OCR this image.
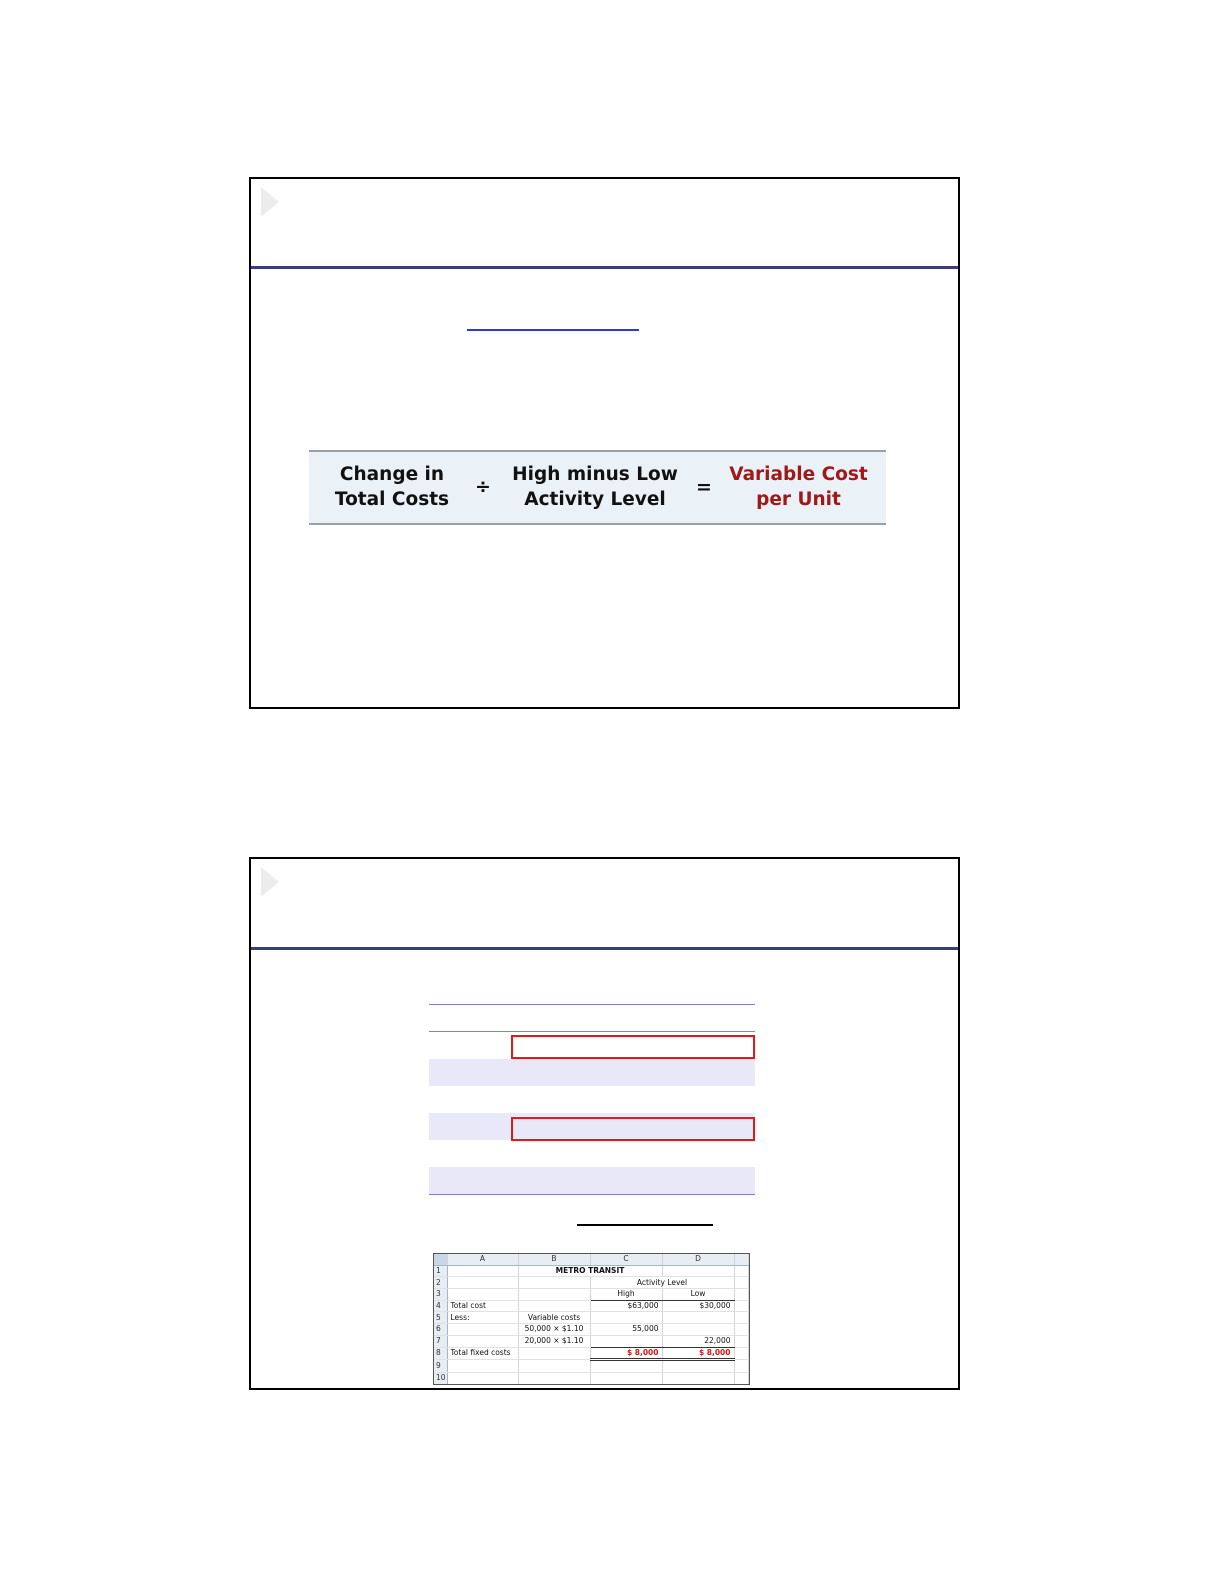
Change in
Total Costs
÷
High minus Low
Activity Level
=
Variable Cost
per Unit
	A	B	C	D	
1		METRO TRANSIT			
2			Activity Level		
3			High	Low	
4	Total cost		$63,000	$30,000	
5	Less:	Variable costs			
6		50,000 × $1.10	55,000		
7		20,000 × $1.10		22,000	
8	Total fixed costs		$ 8,000	$ 8,000	
9					
10					
